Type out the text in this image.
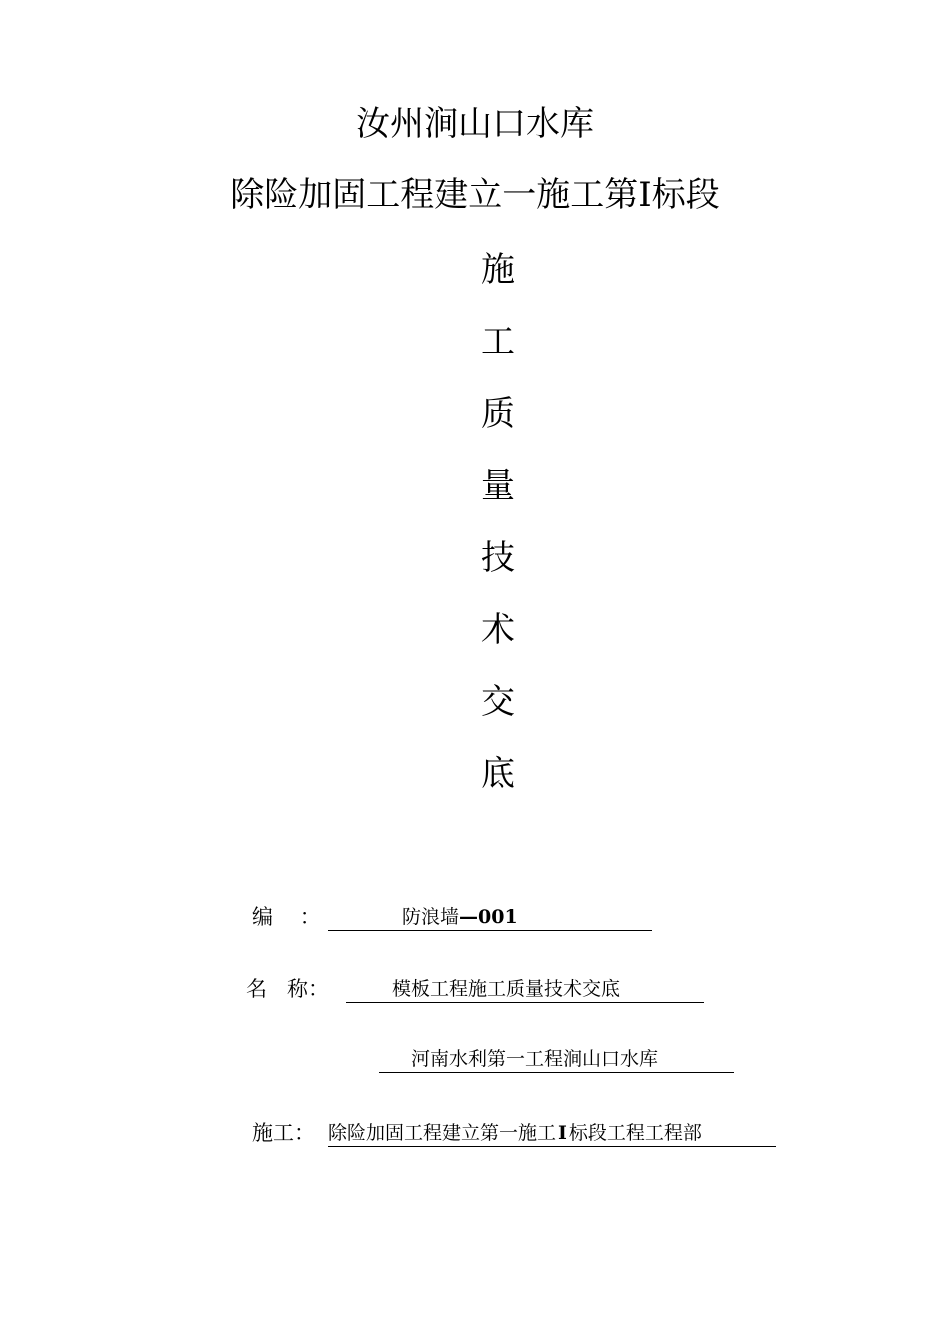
汝州涧山口水库
除险加固工程建立一施工第Ⅰ标段
施
工
质
量
技
术
交
底
编    ：	防浪墙 —001
名   称：	模板工程施工质量技术交底
河南水利第一工程涧山口水库
施工： 除险加固工程建立第一施工 Ⅰ 标段工程工程部
